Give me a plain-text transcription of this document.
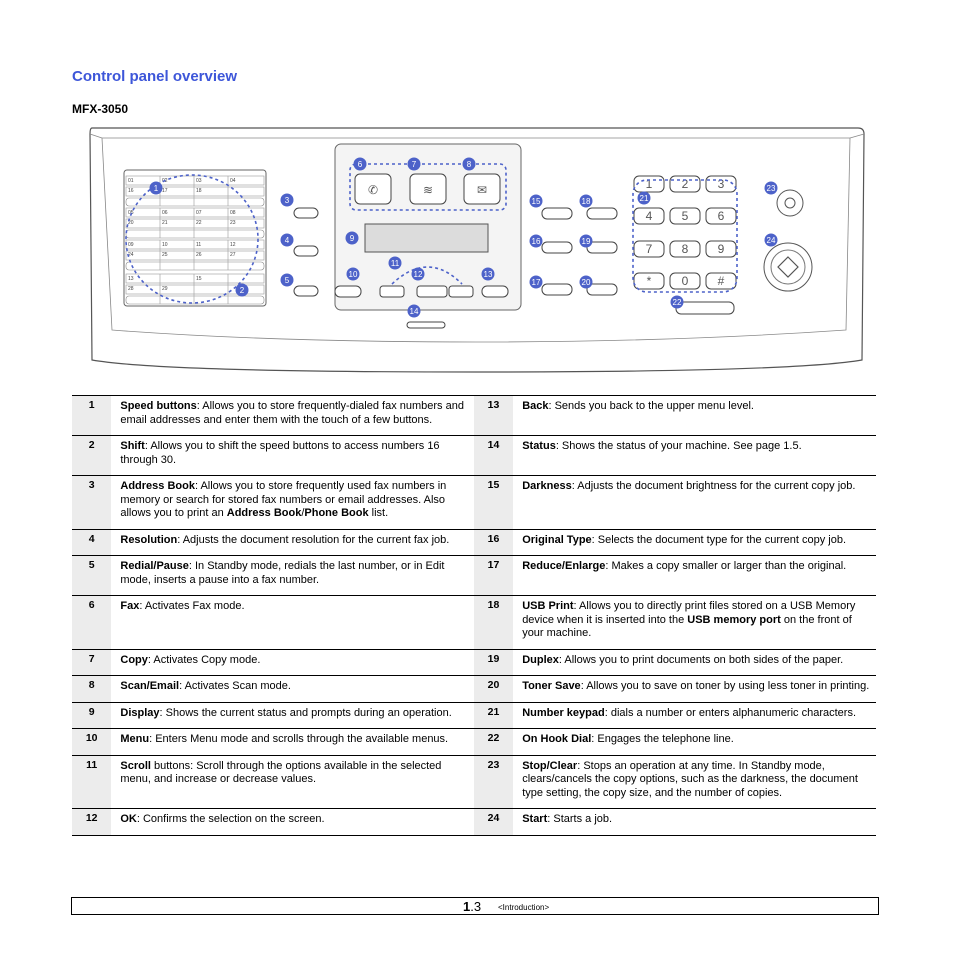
Control panel overview
MFX-3050
01	02	03	04
16	17	18
05	06	07	08
20	21	22	23
09	10	11	12
24	25	26	27
13	15
28	29
✆	≋	✉	1 2 3
4 5 6
7 8 9
*	0 #
1
13
2
14
3	15
4	16
5	17
6
18
7
19
8
20
9
21
10
22
11
23
12
24
1	Speed buttons: Allows you to store frequently-dialed fax numbers and email addresses and enter them with the touch of a few buttons.	13	Back: Sends you back to the upper menu level.
2	Shift: Allows you to shift the speed buttons to access numbers 16 through 30.	14	Status: Shows the status of your machine. See page 1.5.
3	Address Book: Allows you to store frequently used fax numbers in memory or search for stored fax numbers or email addresses. Also allows you to print an Address Book/Phone Book list.	15	Darkness: Adjusts the document brightness for the current copy job.
4	Resolution: Adjusts the document resolution for the current fax job.	16	Original Type: Selects the document type for the current copy job.
5	Redial/Pause: In Standby mode, redials the last number, or in Edit mode, inserts a pause into a fax number.	17	Reduce/Enlarge: Makes a copy smaller or larger than the original.
6	Fax: Activates Fax mode.	18	USB Print: Allows you to directly print files stored on a USB Memory device when it is inserted into the USB memory port on the front of your machine.
7	Copy: Activates Copy mode.	19	Duplex: Allows you to print documents on both sides of the paper.
8	Scan/Email: Activates Scan mode.	20	Toner Save: Allows you to save on toner by using less toner in printing.
9	Display: Shows the current status and prompts during an operation.	21	Number keypad: dials a number or enters alphanumeric characters.
10	Menu: Enters Menu mode and scrolls through the available menus.	22	On Hook Dial: Engages the telephone line.
11	Scroll buttons: Scroll through the options available in the selected menu, and increase or decrease values.	23	Stop/Clear: Stops an operation at any time. In Standby mode, clears/cancels the copy options, such as the darkness, the document type setting, the copy size, and the number of copies.
12	OK: Confirms the selection on the screen.	24	Start: Starts a job.
1.3 <Introduction>
